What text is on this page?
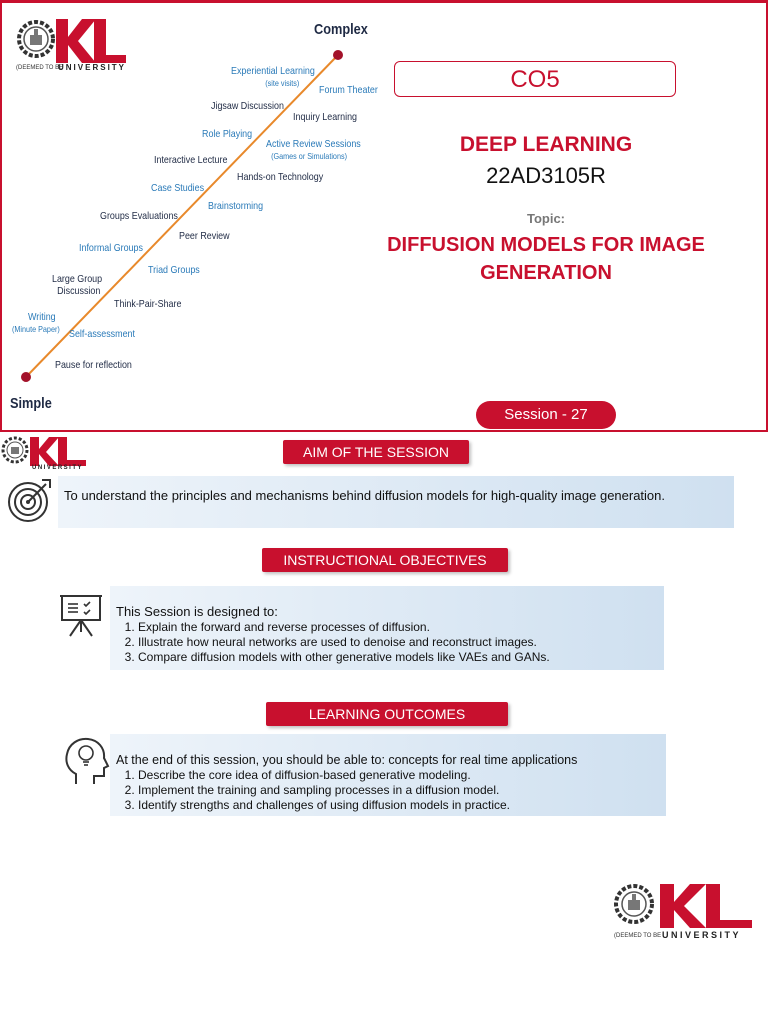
(DEEMED TO BE
UNIVERSITY
Complex
Simple
Experiential Learning
(site visits)
Forum Theater
Jigsaw Discussion
Inquiry Learning
Role Playing
Active Review Sessions
(Games or Simulations)
Interactive Lecture
Hands-on Technology
Case Studies
Brainstorming
Groups Evaluations
Peer Review
Informal Groups
Triad Groups
Large Group
Discussion
Think-Pair-Share
Writing
(Minute Paper) Self-assessment
Pause for reflection
CO5
DEEP LEARNING
22AD3105R
Topic:
DIFFUSION MODELS FOR IMAGE GENERATION
Session - 27
UNIVERSITY
AIM OF THE SESSION
To understand the principles and mechanisms behind diffusion models for high-quality image generation.
INSTRUCTIONAL OBJECTIVES
This Session is designed to:
1. Explain the forward and reverse processes of diffusion.
2. Illustrate how neural networks are used to denoise and reconstruct images.
3. Compare diffusion models with other generative models like VAEs and GANs.
LEARNING OUTCOMES
At the end of this session, you should be able to: concepts for real time applications
1. Describe the core idea of diffusion-based generative modeling.
2. Implement the training and sampling processes in a diffusion model.
3. Identify strengths and challenges of using diffusion models in practice.
(DEEMED TO BE UNIVERSITY
